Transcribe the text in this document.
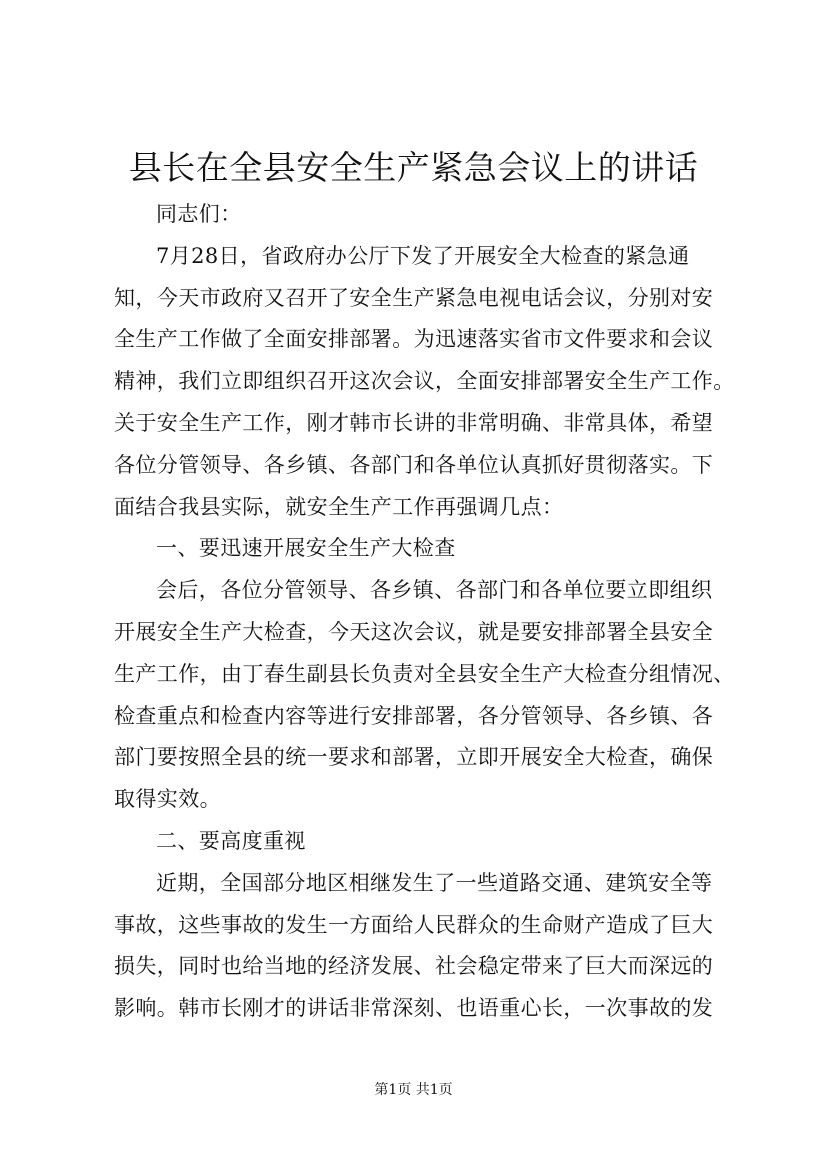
县长在全县安全生产紧急会议上的讲话
同志们：
7月28日，省政府办公厅下发了开展安全大检查的紧急通
知，今天市政府又召开了安全生产紧急电视电话会议，分别对安
全生产工作做了全面安排部署。为迅速落实省市文件要求和会议
精神，我们立即组织召开这次会议，全面安排部署安全生产工作。
关于安全生产工作，刚才韩市长讲的非常明确、非常具体，希望
各位分管领导、各乡镇、各部门和各单位认真抓好贯彻落实。下
面结合我县实际，就安全生产工作再强调几点：
一、要迅速开展安全生产大检查
会后，各位分管领导、各乡镇、各部门和各单位要立即组织
开展安全生产大检查，今天这次会议，就是要安排部署全县安全
生产工作，由丁春生副县长负责对全县安全生产大检查分组情况、
检查重点和检查内容等进行安排部署，各分管领导、各乡镇、各
部门要按照全县的统一要求和部署，立即开展安全大检查，确保
取得实效。
二、要高度重视
近期，全国部分地区相继发生了一些道路交通、建筑安全等
事故，这些事故的发生一方面给人民群众的生命财产造成了巨大
损失，同时也给当地的经济发展、社会稳定带来了巨大而深远的
影响。韩市长刚才的讲话非常深刻、也语重心长，一次事故的发
第1页 共1页
